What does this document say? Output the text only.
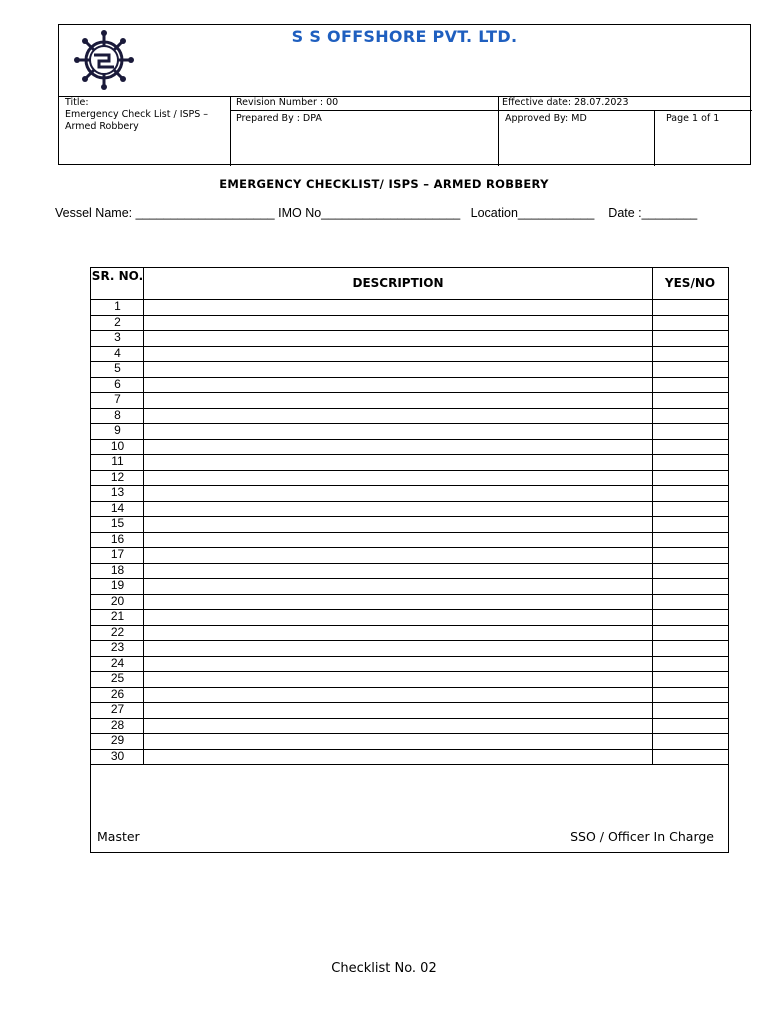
S S OFFSHORE PVT. LTD.
Title:
Emergency Check List / ISPS – Armed Robbery
Revision Number : 00	Effective date: 28.07.2023
Prepared By : DPA	Approved By: MD	Page 1 of 1
EMERGENCY CHECKLIST/ ISPS – ARMED ROBBERY
Vessel Name: ____________________ IMO No____________________ Location___________ Date :________
SR. NO.	DESCRIPTION	YES/NO
1
2
3
4
5
6
7
8
9
10
11
12
13
14
15
16
17
18
19
20
21
22
23
24
25
26
27
28
29
30
Master	SSO / Officer In Charge
Checklist No. 02
